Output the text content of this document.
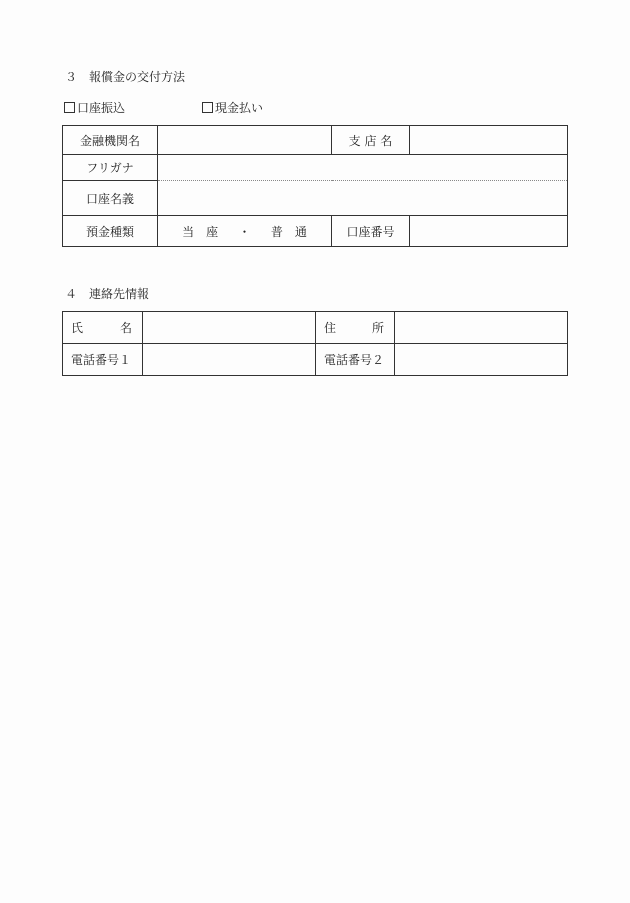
３　報償金の交付方法
口座振込	現金払い
金融機関名		支 店 名	
フリガナ			
口座名義			
預金種類	当　座 ・ 普　通	口座番号	
４　連絡先情報
氏 名		住 所	

電話番号１		電話番号２	
